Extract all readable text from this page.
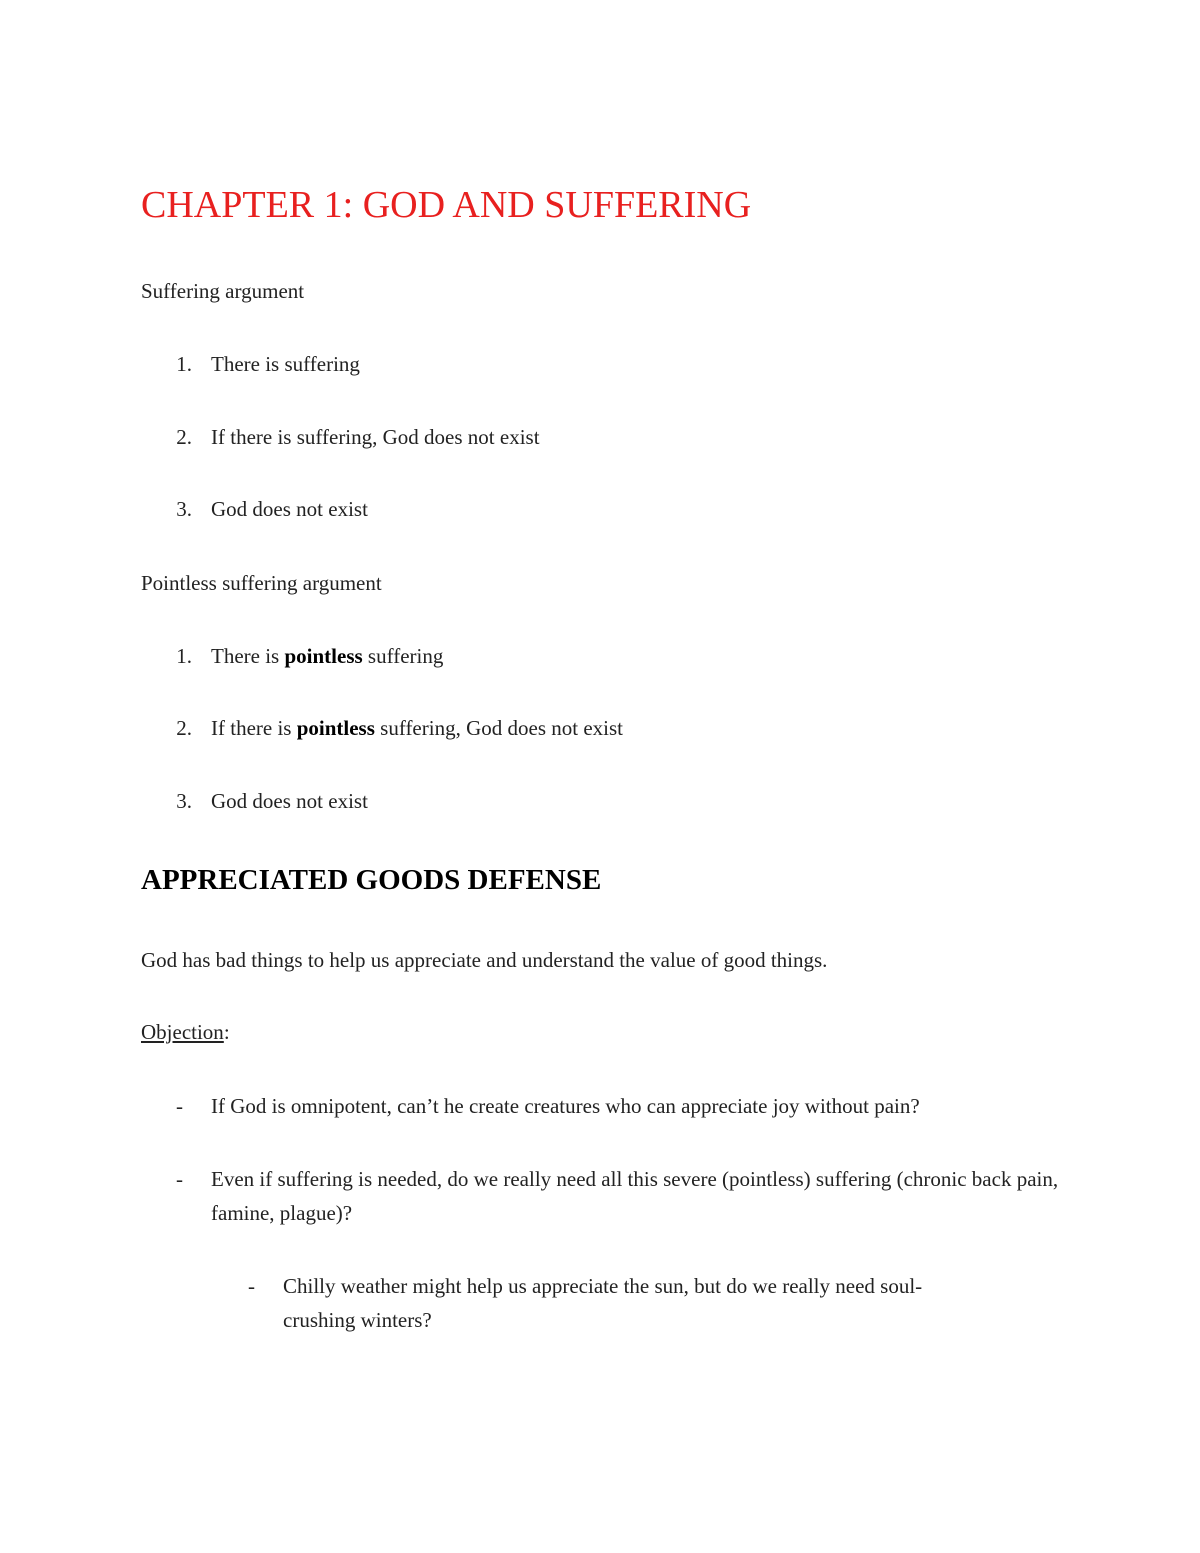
CHAPTER 1: GOD AND SUFFERING

Suffering argument

1. There is suffering

2. If there is suffering, God does not exist

3. God does not exist

Pointless suffering argument

1. There is pointless suffering

2. If there is pointless suffering, God does not exist

3. God does not exist

APPRECIATED GOODS DEFENSE

God has bad things to help us appreciate and understand the value of good things.

Objection:

- If God is omnipotent, can’t he create creatures who can appreciate joy without pain?

- Even if suffering is needed, do we really need all this severe (pointless) suffering (chronic back pain, famine, plague)?

- Chilly weather might help us appreciate the sun, but do we really need soul-crushing winters?
